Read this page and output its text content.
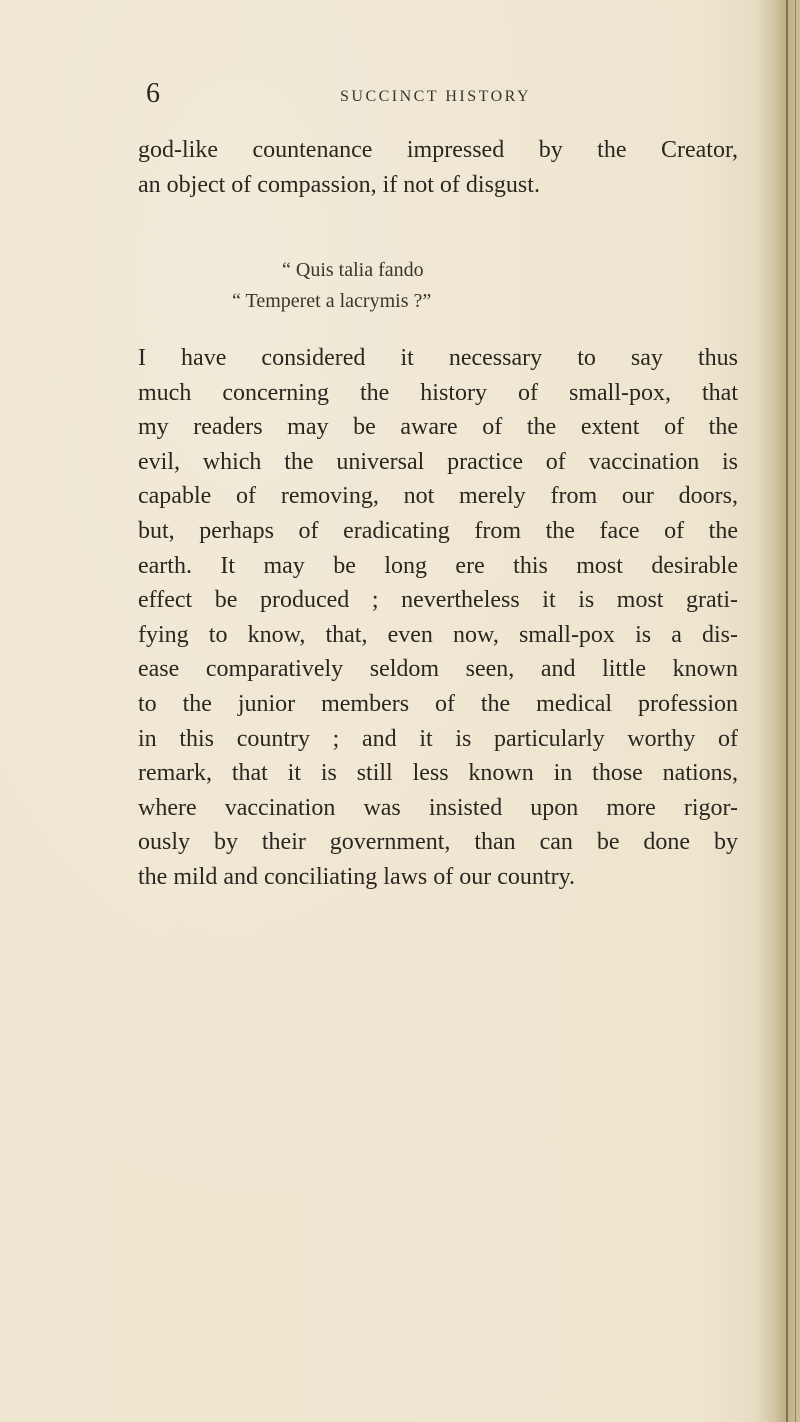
6	SUCCINCT HISTORY
god-like countenance impressed by the Creator,
an object of compassion, if not of disgust.
“ Quis talia fando
“ Temperet a lacrymis ?”
I have considered it necessary to say thus
much concerning the history of small-pox, that
my readers may be aware of the extent of the
evil, which the universal practice of vaccination is
capable of removing, not merely from our doors,
but, perhaps of eradicating from the face of the
earth. It may be long ere this most desirable
effect be produced ; nevertheless it is most grati-
fying to know, that, even now, small-pox is a dis-
ease comparatively seldom seen, and little known
to the junior members of the medical profession
in this country ; and it is particularly worthy of
remark, that it is still less known in those nations,
where vaccination was insisted upon more rigor-
ously by their government, than can be done by
the mild and conciliating laws of our country.
